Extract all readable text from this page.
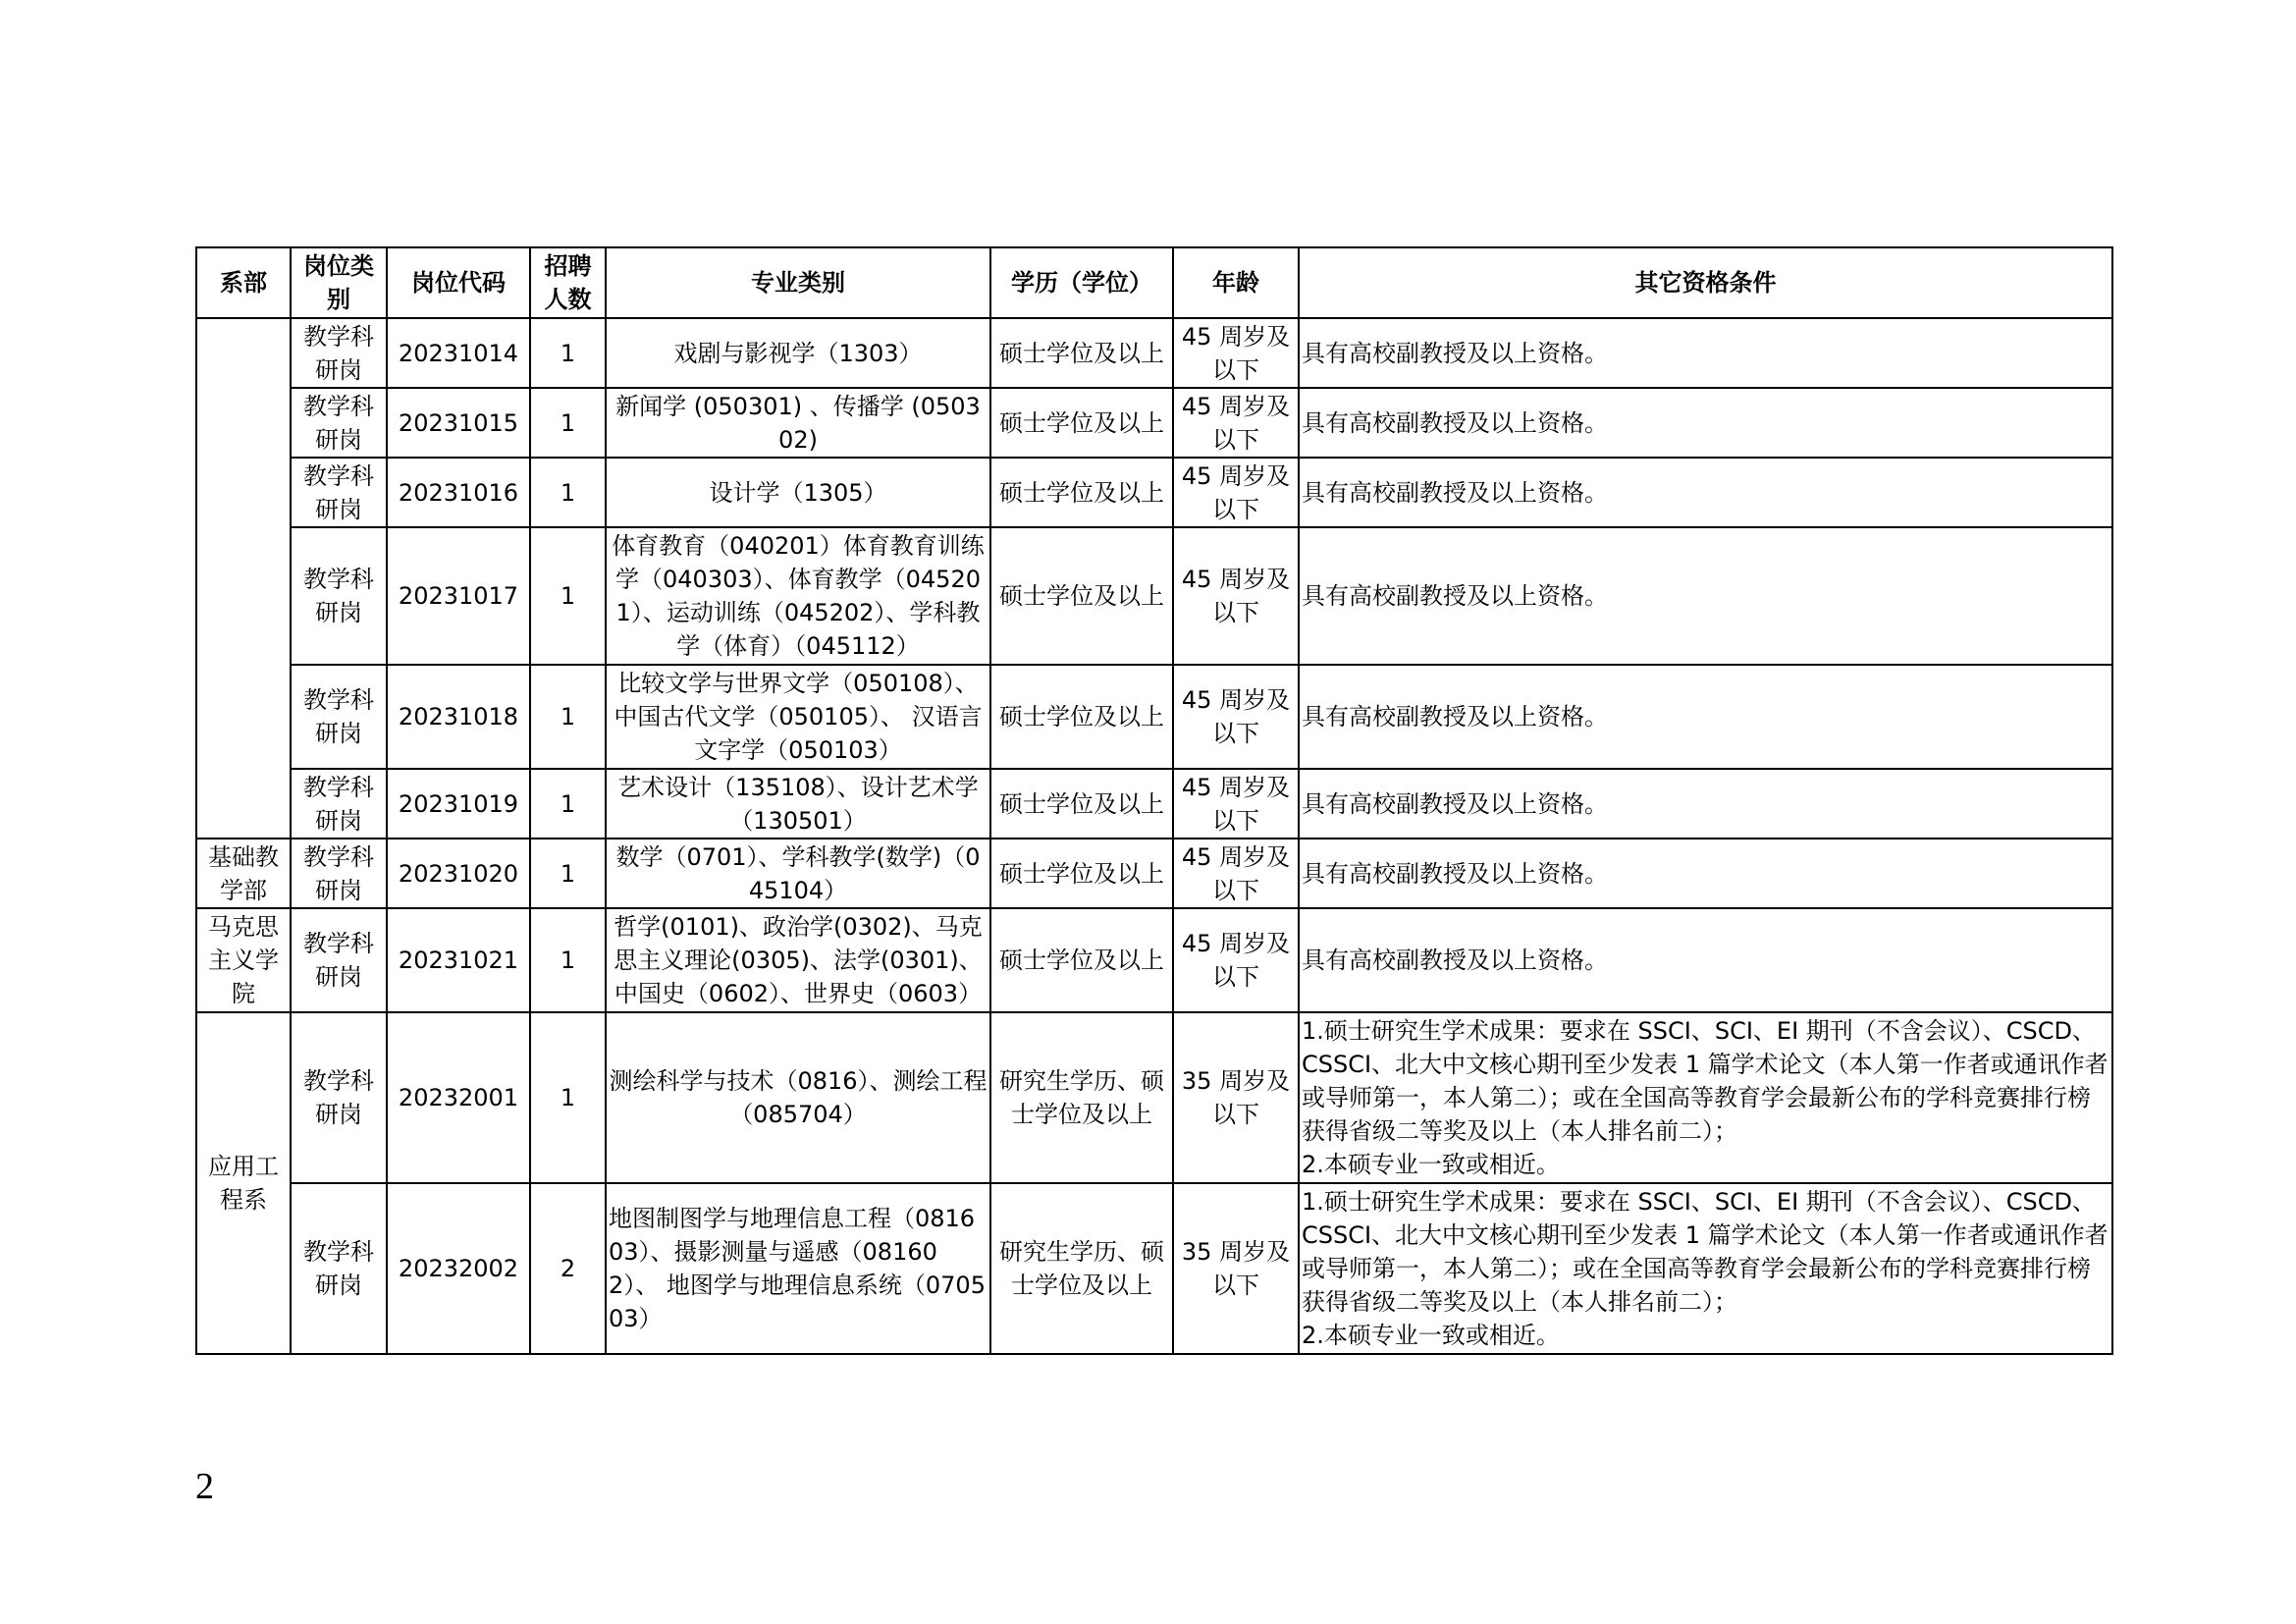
系部	岗位类别	岗位代码	招聘人数	专业类别	学历（学位）	年龄	其它资格条件
	教学科研岗	20231014	1	戏剧与影视学（1303）	硕士学位及以上	45 周岁及以下	具有高校副教授及以上资格。
	教学科研岗	20231015	1	新闻学 (050301) 、传播学 (050302)	硕士学位及以上	45 周岁及以下	具有高校副教授及以上资格。
	教学科研岗	20231016	1	设计学（1305）	硕士学位及以上	45 周岁及以下	具有高校副教授及以上资格。
	教学科研岗	20231017	1	体育教育（040201）体育教育训练学（040303）、体育教学（045201）、运动训练（045202）、学科教学（体育）（045112）	硕士学位及以上	45 周岁及以下	具有高校副教授及以上资格。
	教学科研岗	20231018	1	比较文学与世界文学（050108）、中国古代文学（050105）、 汉语言文字学（050103）	硕士学位及以上	45 周岁及以下	具有高校副教授及以上资格。
	教学科研岗	20231019	1	艺术设计（135108）、设计艺术学（130501）	硕士学位及以上	45 周岁及以下	具有高校副教授及以上资格。
基础教学部	教学科研岗	20231020	1	数学（0701）、学科教学(数学)（045104）	硕士学位及以上	45 周岁及以下	具有高校副教授及以上资格。
马克思主义学院	教学科研岗	20231021	1	哲学(0101)、政治学(0302)、马克思主义理论(0305)、法学(0301)、中国史（0602）、世界史（0603）	硕士学位及以上	45 周岁及以下	具有高校副教授及以上资格。
应用工程系	教学科研岗	20232001	1	测绘科学与技术（0816）、测绘工程（085704）	研究生学历、硕士学位及以上	35 周岁及以下	1.硕士研究生学术成果：要求在 SSCI、SCI、EI 期刊（不含会议）、CSCD、CSSCI、北大中文核心期刊至少发表 1 篇学术论文（本人第一作者或通讯作者或导师第一，本人第二）；或在全国高等教育学会最新公布的学科竞赛排行榜获得省级二等奖及以上（本人排名前二）；
2.本硕专业一致或相近。
	教学科研岗	20232002	2	地图制图学与地理信息工程（081603）、摄影测量与遥感（081602）、 地图学与地理信息系统（070503）	研究生学历、硕士学位及以上	35 周岁及以下	1.硕士研究生学术成果：要求在 SSCI、SCI、EI 期刊（不含会议）、CSCD、CSSCI、北大中文核心期刊至少发表 1 篇学术论文（本人第一作者或通讯作者或导师第一，本人第二）；或在全国高等教育学会最新公布的学科竞赛排行榜获得省级二等奖及以上（本人排名前二）；
2.本硕专业一致或相近。
2
